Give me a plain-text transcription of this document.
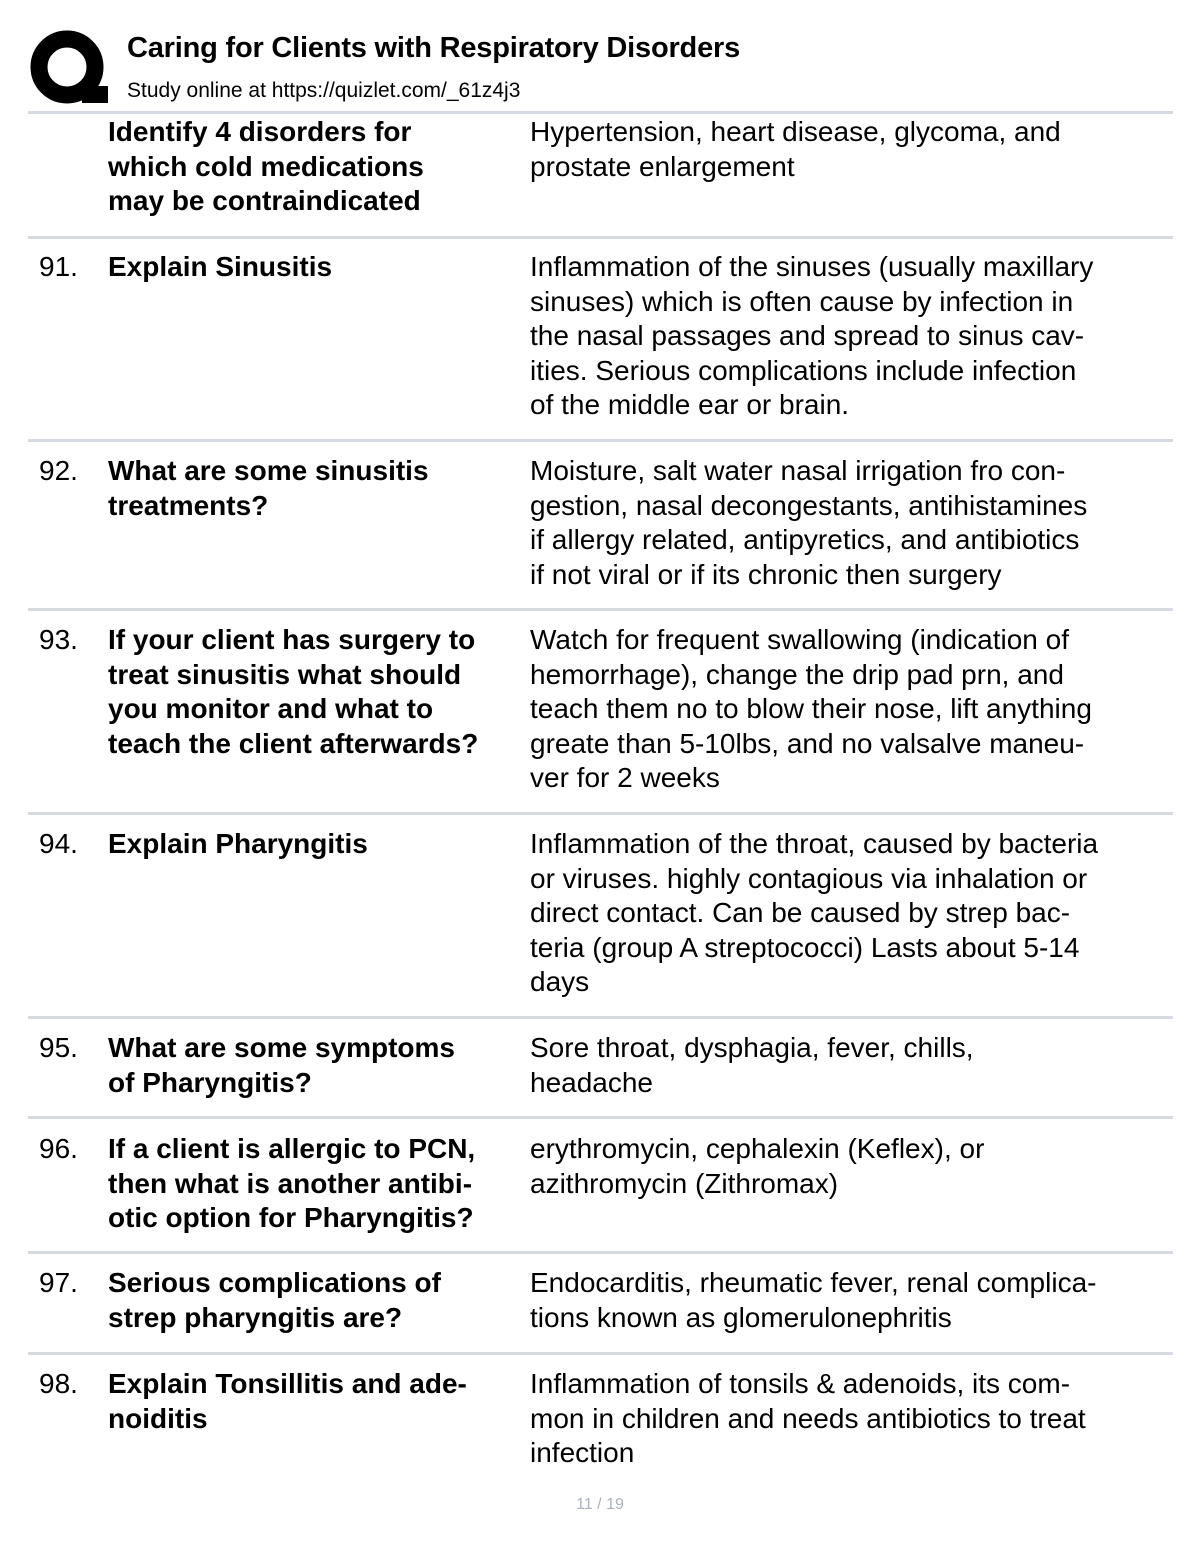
Caring for Clients with Respiratory Disorders
Study online at https://quizlet.com/_61z4j3
Identify 4 disorders for
which cold medications
may be contraindicated
Hypertension, heart disease, glycoma, and
prostate enlargement
91. Explain Sinusitis	Inflammation of the sinuses (usually maxillary
sinuses) which is often cause by infection in
the nasal passages and spread to sinus cav-
ities. Serious complications include infection
of the middle ear or brain.
92. What are some sinusitis
treatments?
Moisture, salt water nasal irrigation fro con-
gestion, nasal decongestants, antihistamines
if allergy related, antipyretics, and antibiotics
if not viral or if its chronic then surgery
93. If your client has surgery to
treat sinusitis what should
you monitor and what to
teach the client afterwards?
Watch for frequent swallowing (indication of
hemorrhage), change the drip pad prn, and
teach them no to blow their nose, lift anything
greate than 5-10lbs, and no valsalve maneu-
ver for 2 weeks
94. Explain Pharyngitis	Inflammation of the throat, caused by bacteria
or viruses. highly contagious via inhalation or
direct contact. Can be caused by strep bac-
teria (group A streptococci) Lasts about 5-14
days
95. What are some symptoms
of Pharyngitis?
Sore throat, dysphagia, fever, chills,
headache
96. If a client is allergic to PCN,
then what is another antibi-
otic option for Pharyngitis?
erythromycin, cephalexin (Keflex), or
azithromycin (Zithromax)
97. Serious complications of
strep pharyngitis are?
Endocarditis, rheumatic fever, renal complica-
tions known as glomerulonephritis
98. Explain Tonsillitis and ade-
noiditis
Inflammation of tonsils & adenoids, its com-
mon in children and needs antibiotics to treat
infection
11 / 19
